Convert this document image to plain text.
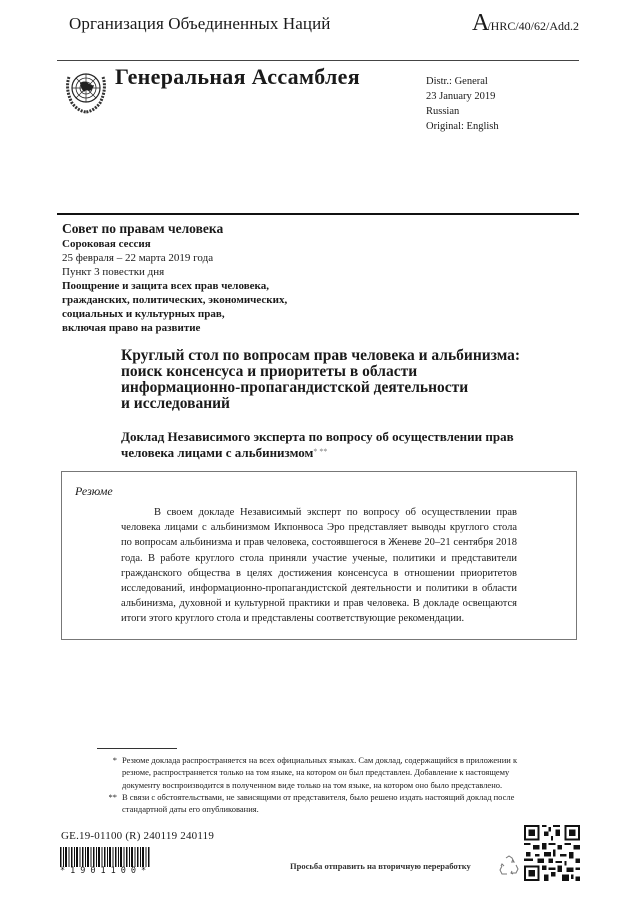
Организация Объединенных Наций	A/HRC/40/62/Add.2
Генеральная Ассамблея	Distr.: General
23 January 2019
Russian
Original: English
Совет по правам человека
Сороковая сессия
25 февраля – 22 марта 2019 года
Пункт 3 повестки дня
Поощрение и защита всех прав человека,
гражданских, политических, экономических,
социальных и культурных прав,
включая право на развитие
Круглый стол по вопросам прав человека и альбинизма:
поиск консенсуса и приоритеты в области
информационно-пропагандистской деятельности
и исследований
Доклад Независимого эксперта по вопросу об осуществлении прав
человека лицами с альбинизмом* **
Резюме
В своем докладе Независимый эксперт по вопросу об осуществлении прав человека лицами с альбинизмом Икпонвоса Эро представляет выводы круглого стола по вопросам альбинизма и прав человека, состоявшегося в Женеве 20–21 сентября 2018 года. В работе круглого стола приняли участие ученые, политики и представители гражданского общества в целях достижения консенсуса в отношении приоритетов исследований, информационно-пропагандистской деятельности и политики в области альбинизма, духовной и культурной практики и прав человека. В докладе освещаются итоги этого круглого стола и представлены соответствующие рекомендации.
* Резюме доклада распространяется на всех официальных языках. Сам доклад, содержащийся в приложении к резюме, распространяется только на том языке, на котором он был представлен. Добавление к настоящему документу воспроизводится в полученном виде только на том языке, на котором оно было представлено.
** В связи с обстоятельствами, не зависящими от представителя, было решено издать настоящий доклад после стандартной даты его опубликования.
GE.19-01100 (R) 240119 240119
*1901100*	Просьба отправить на вторичную переработку
